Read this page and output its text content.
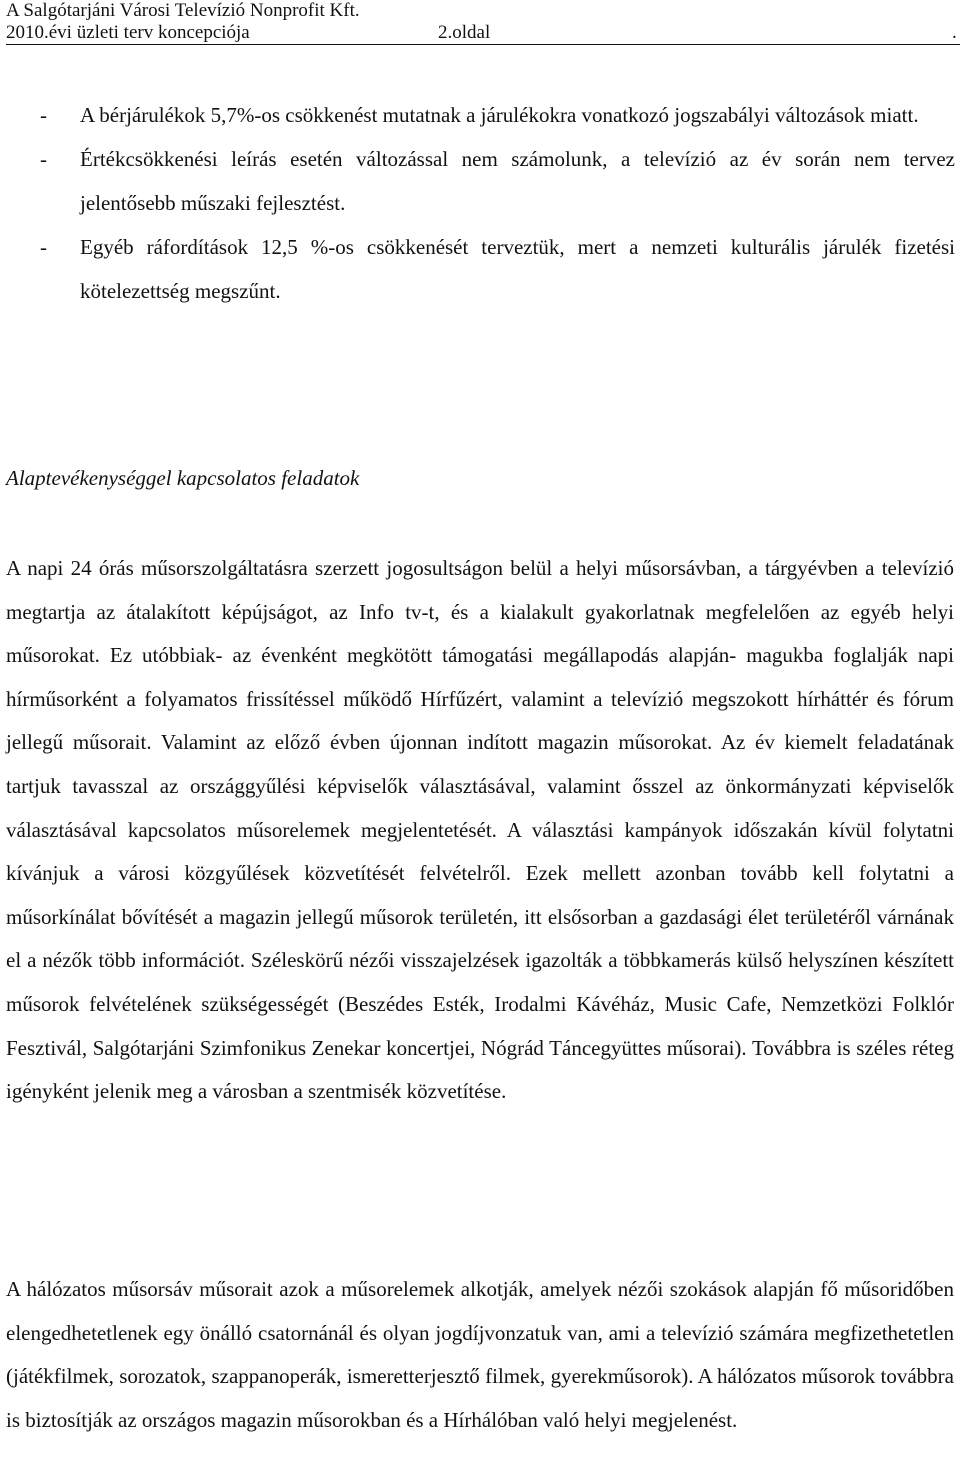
A Salgótarjáni Városi Televízió Nonprofit Kft.
2010.évi üzleti terv koncepciója	2.oldal	.
- A bérjárulékok 5,7%-os csökkenést mutatnak a járulékokra vonatkozó jogszabályi változások miatt.
- Értékcsökkenési leírás esetén változással nem számolunk, a televízió az év során nem tervez jelentősebb műszaki fejlesztést.
- Egyéb ráfordítások 12,5 %-os csökkenését terveztük, mert a nemzeti kulturális járulék fizetési kötelezettség megszűnt.
Alaptevékenységgel kapcsolatos feladatok

A napi 24 órás műsorszolgáltatásra szerzett jogosultságon belül a helyi műsorsávban, a tárgyévben a televízió megtartja az átalakított képújságot, az Info tv-t, és a kialakult gyakorlatnak megfelelően az egyéb helyi műsorokat. Ez utóbbiak- az évenként megkötött támogatási megállapodás alapján- magukba foglalják napi hírműsorként a folyamatos frissítéssel működő Hírfűzért, valamint a televízió megszokott hírháttér és fórum jellegű műsorait. Valamint az előző évben újonnan indított magazin műsorokat. Az év kiemelt feladatának tartjuk tavasszal az országgyűlési képviselők választásával, valamint ősszel az önkormányzati képviselők választásával kapcsolatos műsorelemek megjelentetését. A választási kampányok időszakán kívül folytatni kívánjuk a városi közgyűlések közvetítését felvételről. Ezek mellett azonban tovább kell folytatni a műsorkínálat bővítését a magazin jellegű műsorok területén, itt elsősorban a gazdasági élet területéről várnának el a nézők több információt. Széleskörű nézői visszajelzések igazolták a többkamerás külső helyszínen készített műsorok felvételének szükségességét (Beszédes Esték, Irodalmi Kávéház, Music Cafe, Nemzetközi Folklór Fesztivál, Salgótarjáni Szimfonikus Zenekar koncertjei, Nógrád Táncegyüttes műsorai). Továbbra is széles réteg igényként jelenik meg a városban a szentmisék közvetítése.

A hálózatos műsorsáv műsorait azok a műsorelemek alkotják, amelyek nézői szokások alapján fő műsoridőben elengedhetetlenek egy önálló csatornánál és olyan jogdíjvonzatuk van, ami a televízió számára megfizethetetlen (játékfilmek, sorozatok, szappanoperák, ismeretterjesztő filmek, gyerekműsorok). A hálózatos műsorok továbbra is biztosítják az országos magazin műsorokban és a Hírhálóban való helyi megjelenést.
